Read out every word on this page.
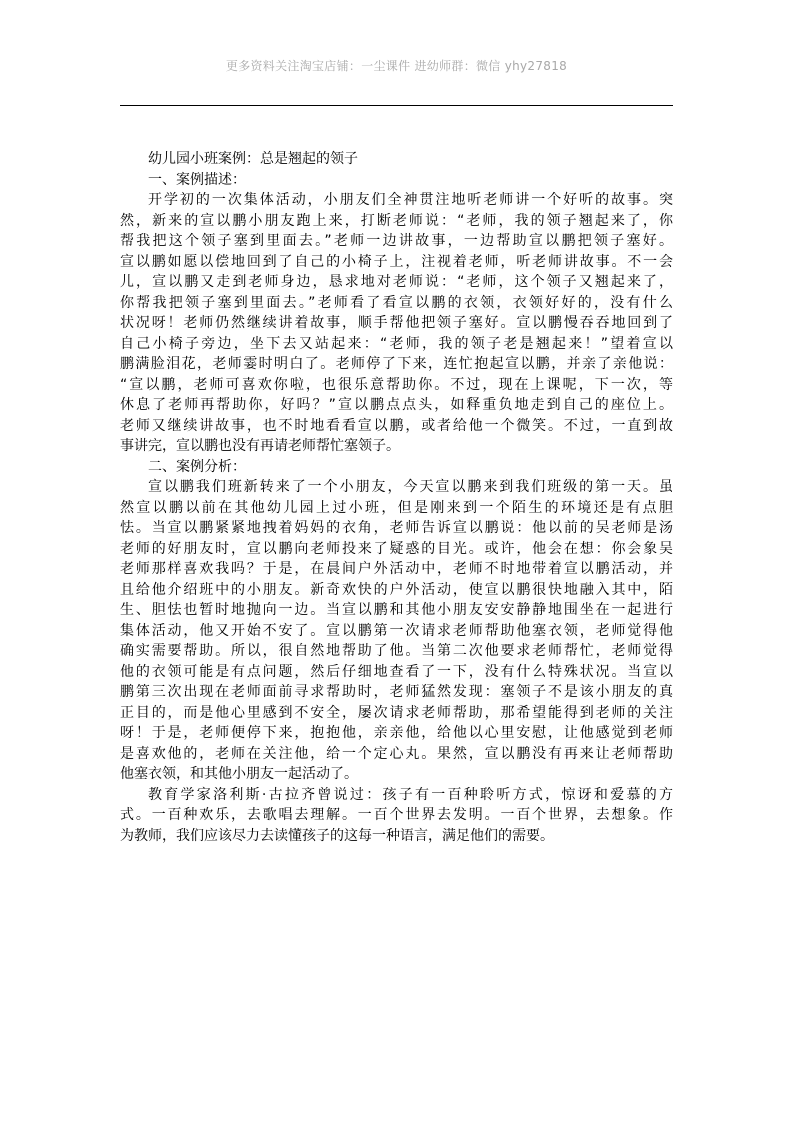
更多资料关注淘宝店铺：一尘课件 进幼师群：微信 yhy27818
幼儿园小班案例：总是翘起的领子
一、案例描述：
开学初的一次集体活动，小朋友们全神贯注地听老师讲一个好听的故事。突
然，新来的宣以鹏小朋友跑上来，打断老师说：“老师，我的领子翘起来了，你
帮我把这个领子塞到里面去。”老师一边讲故事，一边帮助宣以鹏把领子塞好。
宣以鹏如愿以偿地回到了自己的小椅子上，注视着老师，听老师讲故事。不一会
儿，宣以鹏又走到老师身边，恳求地对老师说：“老师，这个领子又翘起来了，
你帮我把领子塞到里面去。”老师看了看宣以鹏的衣领，衣领好好的，没有什么
状况呀！老师仍然继续讲着故事，顺手帮他把领子塞好。宣以鹏慢吞吞地回到了
自己小椅子旁边，坐下去又站起来：“老师，我的领子老是翘起来！”望着宣以
鹏满脸泪花，老师霎时明白了。老师停了下来，连忙抱起宣以鹏，并亲了亲他说：
“宣以鹏，老师可喜欢你啦，也很乐意帮助你。不过，现在上课呢，下一次，等
休息了老师再帮助你，好吗？”宣以鹏点点头，如释重负地走到自己的座位上。
老师又继续讲故事，也不时地看看宣以鹏，或者给他一个微笑。不过，一直到故
事讲完，宣以鹏也没有再请老师帮忙塞领子。
二、案例分析：
宣以鹏我们班新转来了一个小朋友，今天宣以鹏来到我们班级的第一天。虽
然宣以鹏以前在其他幼儿园上过小班，但是刚来到一个陌生的环境还是有点胆
怯。当宣以鹏紧紧地拽着妈妈的衣角，老师告诉宣以鹏说：他以前的吴老师是汤
老师的好朋友时，宣以鹏向老师投来了疑惑的目光。或许，他会在想：你会象吴
老师那样喜欢我吗？于是，在晨间户外活动中，老师不时地带着宣以鹏活动，并
且给他介绍班中的小朋友。新奇欢快的户外活动，使宣以鹏很快地融入其中，陌
生、胆怯也暂时地抛向一边。当宣以鹏和其他小朋友安安静静地围坐在一起进行
集体活动，他又开始不安了。宣以鹏第一次请求老师帮助他塞衣领，老师觉得他
确实需要帮助。所以，很自然地帮助了他。当第二次他要求老师帮忙，老师觉得
他的衣领可能是有点问题，然后仔细地查看了一下，没有什么特殊状况。当宣以
鹏第三次出现在老师面前寻求帮助时，老师猛然发现：塞领子不是该小朋友的真
正目的，而是他心里感到不安全，屡次请求老师帮助，那希望能得到老师的关注
呀！于是，老师便停下来，抱抱他，亲亲他，给他以心里安慰，让他感觉到老师
是喜欢他的，老师在关注他，给一个定心丸。果然，宣以鹏没有再来让老师帮助
他塞衣领，和其他小朋友一起活动了。
教育学家洛利斯·古拉齐曾说过：孩子有一百种聆听方式，惊讶和爱慕的方
式。一百种欢乐，去歌唱去理解。一百个世界去发明。一百个世界，去想象。作
为教师，我们应该尽力去读懂孩子的这每一种语言，满足他们的需要。
